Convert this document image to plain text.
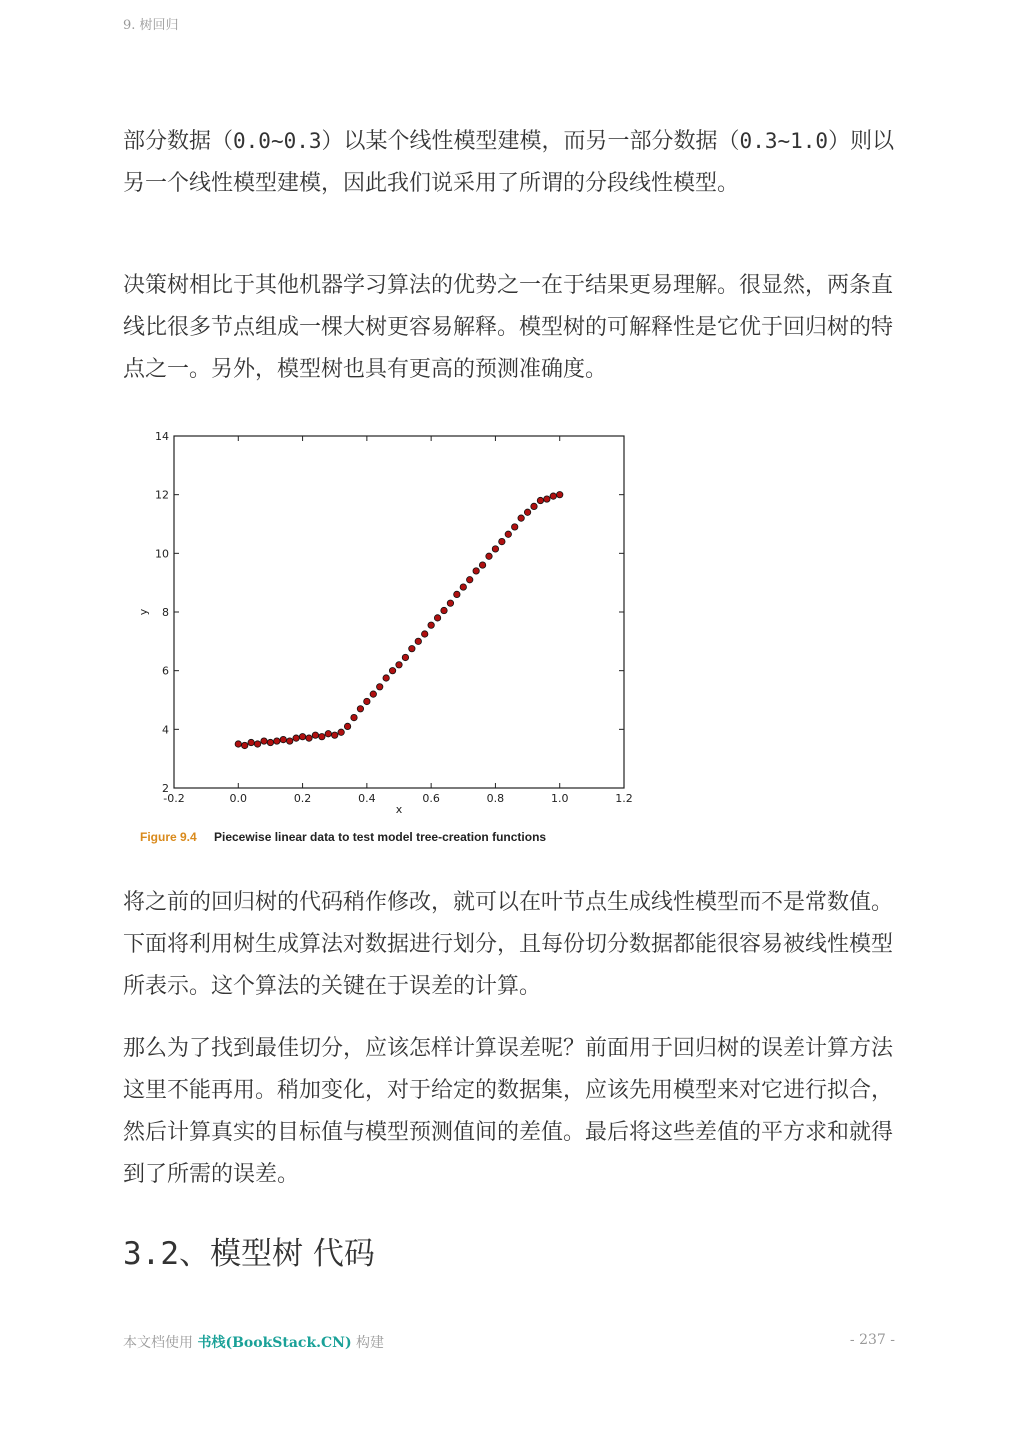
9. 树回归

部分数据（0.0~0.3）以某个线性模型建模，而另一部分数据（0.3~1.0）则以另一个线性模型建模，因此我们说采用了所谓的分段线性模型。

决策树相比于其他机器学习算法的优势之一在于结果更易理解。很显然，两条直线比很多节点组成一棵大树更容易解释。模型树的可解释性是它优于回归树的特点之一。另外，模型树也具有更高的预测准确度。

-0.2	0.0	0.2	0.4	0.6	0.8	1.0	1.2
2
4
6
8
10
12
14
x
y
Figure 9.4 Piecewise linear data to test model tree-creation functions

将之前的回归树的代码稍作修改，就可以在叶节点生成线性模型而不是常数值。下面将利用树生成算法对数据进行划分，且每份切分数据都能很容易被线性模型所表示。这个算法的关键在于误差的计算。

那么为了找到最佳切分，应该怎样计算误差呢？前面用于回归树的误差计算方法这里不能再用。稍加变化，对于给定的数据集，应该先用模型来对它进行拟合，然后计算真实的目标值与模型预测值间的差值。最后将这些差值的平方求和就得到了所需的误差。

3.2、模型树 代码
本文档使用 书栈(BookStack.CN) 构建	- 237 -
